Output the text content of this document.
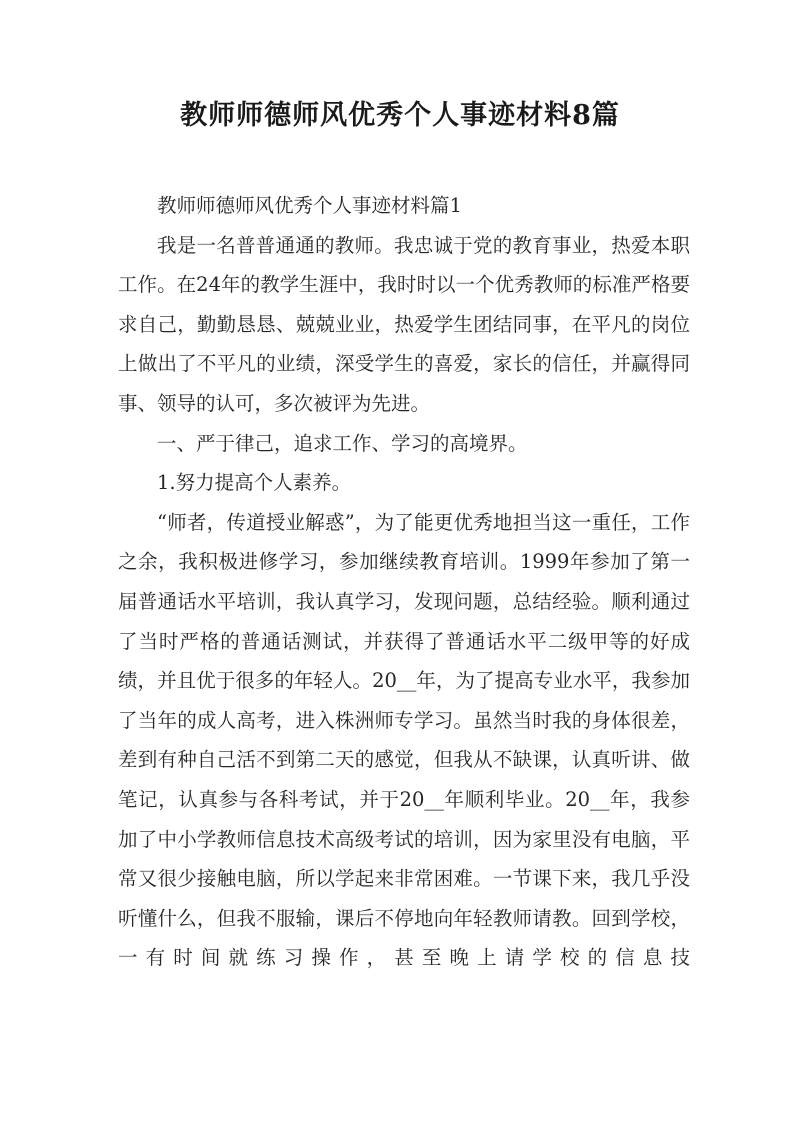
教师师德师风优秀个人事迹材料8篇

教师师德师风优秀个人事迹材料篇1

我是一名普普通通的教师。我忠诚于党的教育事业，热爱本职工作。在24年的教学生涯中，我时时以一个优秀教师的标准严格要求自己，勤勤恳恳、兢兢业业，热爱学生团结同事，在平凡的岗位上做出了不平凡的业绩，深受学生的喜爱，家长的信任，并赢得同事、领导的认可，多次被评为先进。

一、严于律己，追求工作、学习的高境界。

1.努力提高个人素养。

“师者，传道授业解惑”，为了能更优秀地担当这一重任，工作之余，我积极进修学习，参加继续教育培训。1999年参加了第一届普通话水平培训，我认真学习，发现问题，总结经验。顺利通过了当时严格的普通话测试，并获得了普通话水平二级甲等的好成绩，并且优于很多的年轻人。20__年，为了提高专业水平，我参加了当年的成人高考，进入株洲师专学习。虽然当时我的身体很差，差到有种自己活不到第二天的感觉，但我从不缺课，认真听讲、做笔记，认真参与各科考试，并于20__年顺利毕业。20__年，我参加了中小学教师信息技术高级考试的培训，因为家里没有电脑，平常又很少接触电脑，所以学起来非常困难。一节课下来，我几乎没听懂什么，但我不服输，课后不停地向年轻教师请教。回到学校，一有时间就练习操作，甚至晚上请学校的信息技
